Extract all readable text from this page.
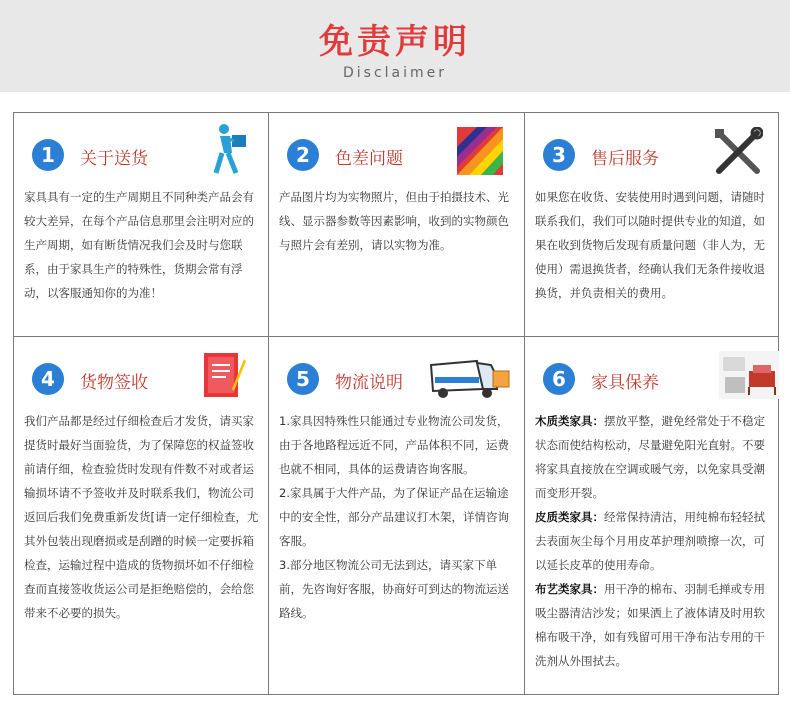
免责声明
Disclaimer
1	关于送货

家具具有一定的生产周期且不同种类产品会有较大差异，在每个产品信息那里会注明对应的生产周期，如有断货情况我们会及时与您联系，由于家具生产的特殊性，货期会常有浮动，以客服通知你的为准！

2	色差问题

产品图片均为实物照片，但由于拍摄技术、光线、显示器参数等因素影响，收到的实物颜色与照片会有差别，请以实物为准。

3	售后服务

如果您在收货、安装使用时遇到问题，请随时联系我们，我们可以随时提供专业的知道，如果在收到货物后发现有质量问题（非人为，无使用）需退换货者，经确认我们无条件接收退换货，并负责相关的费用。

4	货物签收

我们产品都是经过仔细检查后才发货，请买家提货时最好当面验货，为了保障您的权益签收前请仔细，检查验货时发现有件数不对或者运输损坏请不予签收并及时联系我们，物流公司返回后我们免费重新发货[请一定仔细检查，尤其外包装出现磨损或是刮蹭的时候一定要拆箱检查，运输过程中造成的货物损坏如不仔细检查而直接签收货运公司是拒绝赔偿的，会给您带来不必要的损失。

5	物流说明

1.家具因特殊性只能通过专业物流公司发货，由于各地路程远近不同，产品体积不同，运费也就不相同，具体的运费请咨询客服。

2.家具属于大件产品，为了保证产品在运输途中的安全性，部分产品建议打木架，详情咨询客服。

3.部分地区物流公司无法到达，请买家下单前，先咨询好客服，协商好可到达的物流运送路线。

6	家具保养

木质类家具：摆放平整，避免经常处于不稳定状态而使结构松动，尽量避免阳光直射。不要将家具直接放在空调或暖气旁，以免家具受潮而变形开裂。

皮质类家具：经常保持清洁，用纯棉布轻轻拭去表面灰尘每个月用皮革护理剂喷擦一次，可以延长皮革的使用寿命。

布艺类家具：用干净的棉布、羽制毛掸或专用吸尘器清洁沙发；如果洒上了液体请及时用软棉布吸干净，如有残留可用干净布沾专用的干洗剂从外围拭去。
